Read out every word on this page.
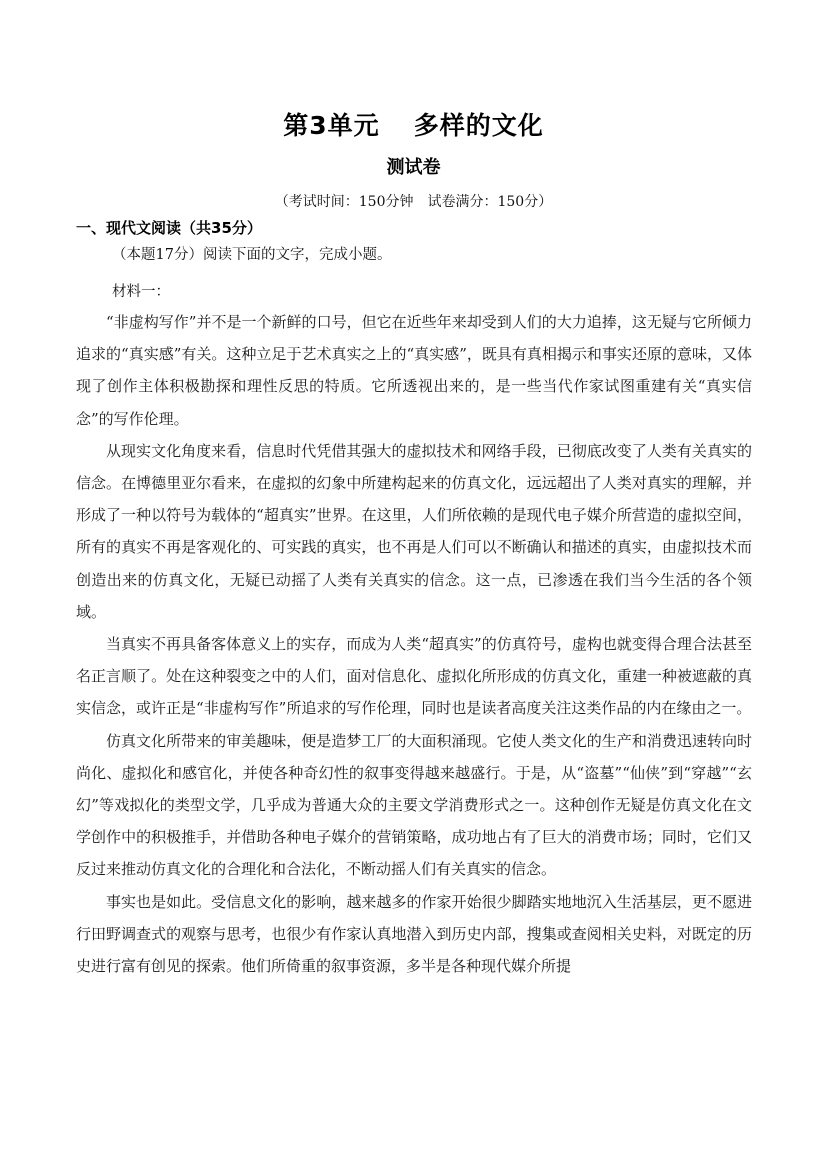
第3单元 多样的文化
测试卷
（考试时间：150分钟　试卷满分：150分）
一、现代文阅读（共35分）
（本题17分）阅读下面的文字，完成小题。
材料一：

“非虚构写作”并不是一个新鲜的口号，但它在近些年来却受到人们的大力追捧，这无疑与它所倾力追求的“真实感”有关。这种立足于艺术真实之上的“真实感”，既具有真相揭示和事实还原的意味，又体现了创作主体积极勘探和理性反思的特质。它所透视出来的，是一些当代作家试图重建有关“真实信念”的写作伦理。

从现实文化角度来看，信息时代凭借其强大的虚拟技术和网络手段，已彻底改变了人类有关真实的信念。在博德里亚尔看来，在虚拟的幻象中所建构起来的仿真文化，远远超出了人类对真实的理解，并形成了一种以符号为载体的“超真实”世界。在这里，人们所依赖的是现代电子媒介所营造的虚拟空间，所有的真实不再是客观化的、可实践的真实，也不再是人们可以不断确认和描述的真实，由虚拟技术而创造出来的仿真文化，无疑已动摇了人类有关真实的信念。这一点，已渗透在我们当今生活的各个领域。

当真实不再具备客体意义上的实存，而成为人类“超真实”的仿真符号，虚构也就变得合理合法甚至名正言顺了。处在这种裂变之中的人们，面对信息化、虚拟化所形成的仿真文化，重建一种被遮蔽的真实信念，或许正是“非虚构写作”所追求的写作伦理，同时也是读者高度关注这类作品的内在缘由之一。

仿真文化所带来的审美趣味，便是造梦工厂的大面积涌现。它使人类文化的生产和消费迅速转向时尚化、虚拟化和感官化，并使各种奇幻性的叙事变得越来越盛行。于是，从“盗墓”“仙侠”到“穿越”“玄幻”等戏拟化的类型文学，几乎成为普通大众的主要文学消费形式之一。这种创作无疑是仿真文化在文学创作中的积极推手，并借助各种电子媒介的营销策略，成功地占有了巨大的消费市场；同时，它们又反过来推动仿真文化的合理化和合法化，不断动摇人们有关真实的信念。

事实也是如此。受信息文化的影响，越来越多的作家开始很少脚踏实地地沉入生活基层，更不愿进行田野调查式的观察与思考，也很少有作家认真地潜入到历史内部，搜集或查阅相关史料，对既定的历史进行富有创见的探索。他们所倚重的叙事资源，多半是各种现代媒介所提
